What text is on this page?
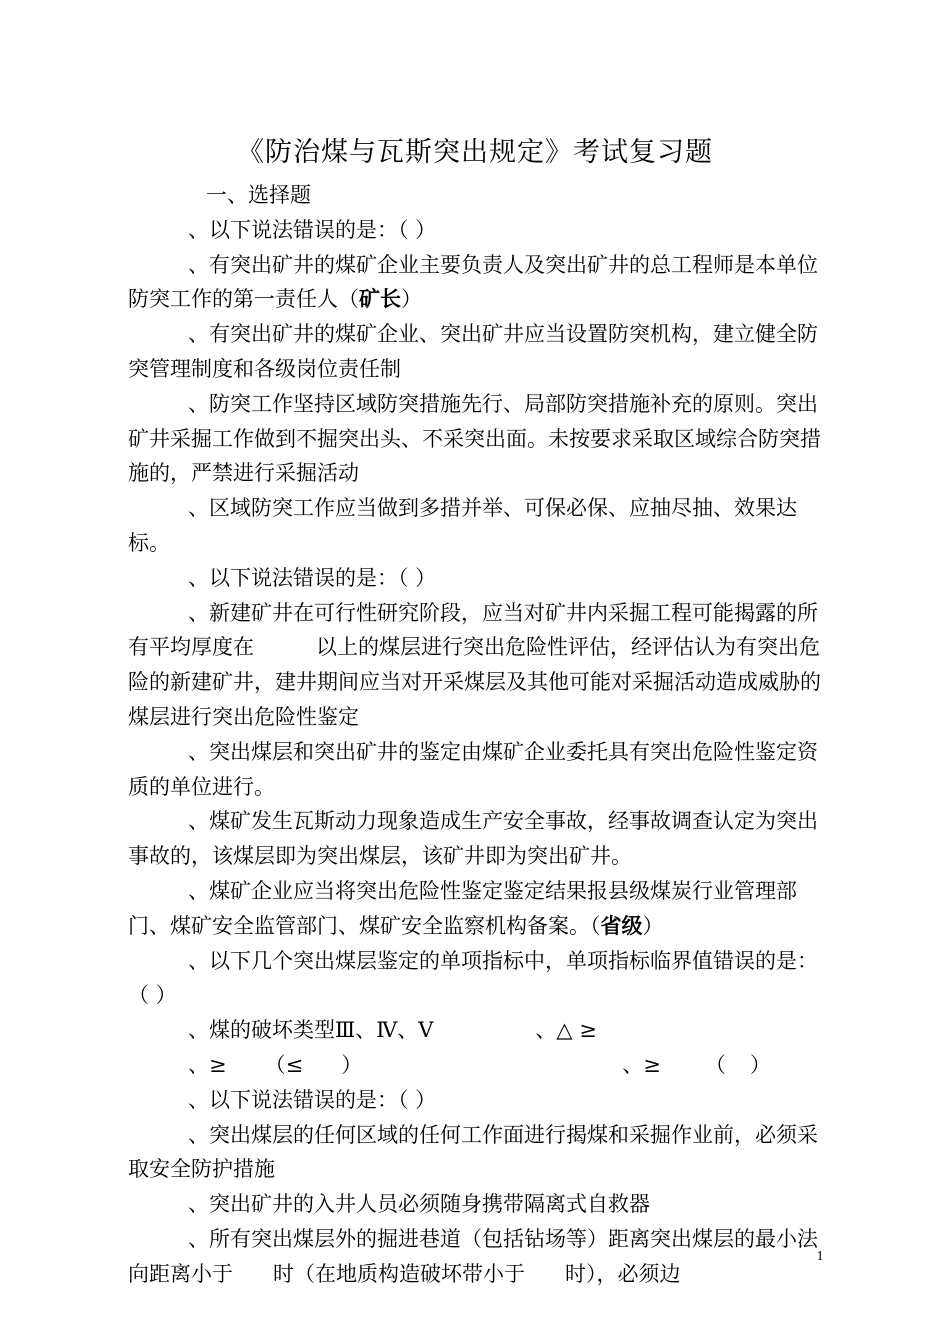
《防治煤与瓦斯突出规定》考试复习题

一、选择题

、以下说法错误的是：（ ）

、有突出矿井的煤矿企业主要负责人及突出矿井的总工程师是本单位防突工作的第一责任人（矿长）

、有突出矿井的煤矿企业、突出矿井应当设置防突机构，建立健全防突管理制度和各级岗位责任制

、防突工作坚持区域防突措施先行、局部防突措施补充的原则。突出矿井采掘工作做到不掘突出头、不采突出面。未按要求采取区域综合防突措施的，严禁进行采掘活动

、区域防突工作应当做到多措并举、可保必保、应抽尽抽、效果达标。

、以下说法错误的是：（ ）

、新建矿井在可行性研究阶段，应当对矿井内采掘工程可能揭露的所有平均厚度在	以上的煤层进行突出危险性评估，经评估认为有突出危险的新建矿井，建井期间应当对开采煤层及其他可能对采掘活动造成威胁的煤层进行突出危险性鉴定

、突出煤层和突出矿井的鉴定由煤矿企业委托具有突出危险性鉴定资质的单位进行。

、煤矿发生瓦斯动力现象造成生产安全事故，经事故调查认定为突出事故的，该煤层即为突出煤层，该矿井即为突出矿井。

、煤矿企业应当将突出危险性鉴定鉴定结果报县级煤炭行业管理部门、煤矿安全监管部门、煤矿安全监察机构备案。（省级）

、以下几个突出煤层鉴定的单项指标中，单项指标临界值错误的是：（ ）

、煤的破坏类型Ⅲ、Ⅳ、Ⅴ	、△ ≥

、≥ （≤ ）	、≥ （ ）

、以下说法错误的是：（ ）

、突出煤层的任何区域的任何工作面进行揭煤和采掘作业前，必须采取安全防护措施

、突出矿井的入井人员必须随身携带隔离式自救器

、所有突出煤层外的掘进巷道（包括钻场等）距离突出煤层的最小法向距离小于 时（在地质构造破坏带小于 时），必须边

1
